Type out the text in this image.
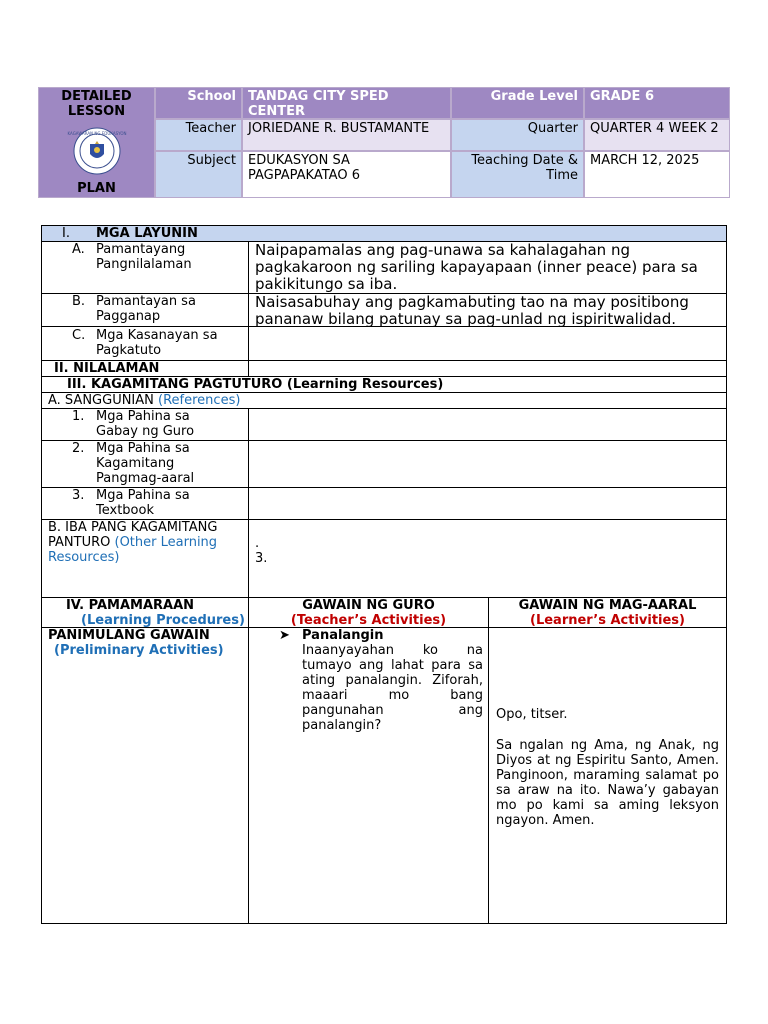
DETAILED LESSON
PLAN
KAGAWARAN NG EDUKASYON
School TANDAG CITY SPED CENTER
Grade Level GRADE 6
Teacher JORIEDANE R. BUSTAMANTE	Quarter QUARTER 4 WEEK 2
Subject EDUKASYON SA PAGPAPAKATAO 6
Teaching Date & Time
MARCH 12, 2025
I. MGA LAYUNIN
A. Pamantayang Pangnilalaman
Naipapamalas ang pag-unawa sa kahalagahan ng pagkakaroon ng sariling kapayapaan (inner peace) para sa pakikitungo sa iba.
B. Pamantayan sa Pagganap
Naisasabuhay ang pagkamabuting tao na may positibong pananaw bilang patunay sa pag-unlad ng ispiritwalidad.
C. Mga Kasanayan sa Pagkatuto
II. NILALAMAN
III. KAGAMITANG PAGTUTURO (Learning Resources)
A. SANGGUNIAN (References)
1. Mga Pahina sa Gabay ng Guro
2. Mga Pahina sa Kagamitang Pangmag-aaral
3. Mga Pahina sa Textbook
B. IBA PANG KAGAMITANG PANTURO (Other Learning Resources)
.
3.
IV. PAMAMARAAN
(Learning Procedures)
GAWAIN NG GURO
(Teacher’s Activities)
GAWAIN NG MAG-AARAL
(Learner’s Activities)
PANIMULANG GAWAIN
(Preliminary Activities)
➤ Panalangin
Inaanyayahan ko na tumayo ang lahat para sa ating panalangin. Ziforah, maaari mo bang pangunahan ang panalangin?
Opo, titser.
Sa ngalan ng Ama, ng Anak, ng Diyos at ng Espiritu Santo, Amen. Panginoon, maraming salamat po sa araw na ito. Nawa’y gabayan mo po kami sa aming leksyon ngayon. Amen.
